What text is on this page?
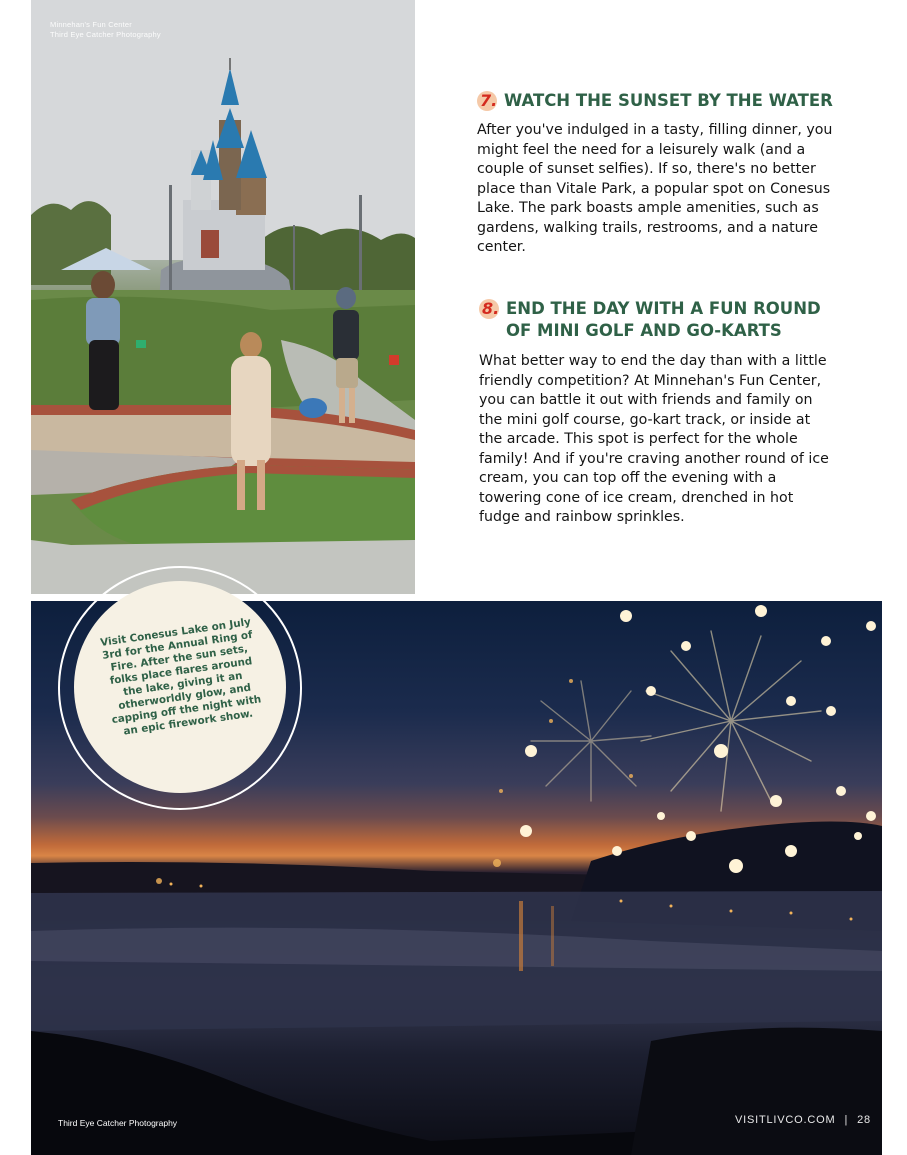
Minnehan's Fun Center
Third Eye Catcher Photography
7. WATCH THE SUNSET BY THE WATER

After you've indulged in a tasty, filling dinner, you might feel the need for a leisurely walk (and a couple of sunset selfies). If so, there's no better place than Vitale Park, a popular spot on Conesus Lake. The park boasts ample amenities, such as gardens, walking trails, restrooms, and a nature center.

8. END THE DAY WITH A FUN ROUND OF MINI GOLF AND GO-KARTS

What better way to end the day than with a little friendly competition? At Minnehan's Fun Center, you can battle it out with friends and family on the mini golf course, go-kart track, or inside at the arcade. This spot is perfect for the whole family! And if you're craving another round of ice cream, you can top off the evening with a towering cone of ice cream, drenched in hot fudge and rainbow sprinkles.

Third Eye Catcher Photography	VISITLIVCO.COM | 28
Visit Conesus Lake on July 3rd for the Annual Ring of Fire. After the sun sets, folks place flares around the lake, giving it an otherworldly glow, and capping off the night with an epic firework show.
